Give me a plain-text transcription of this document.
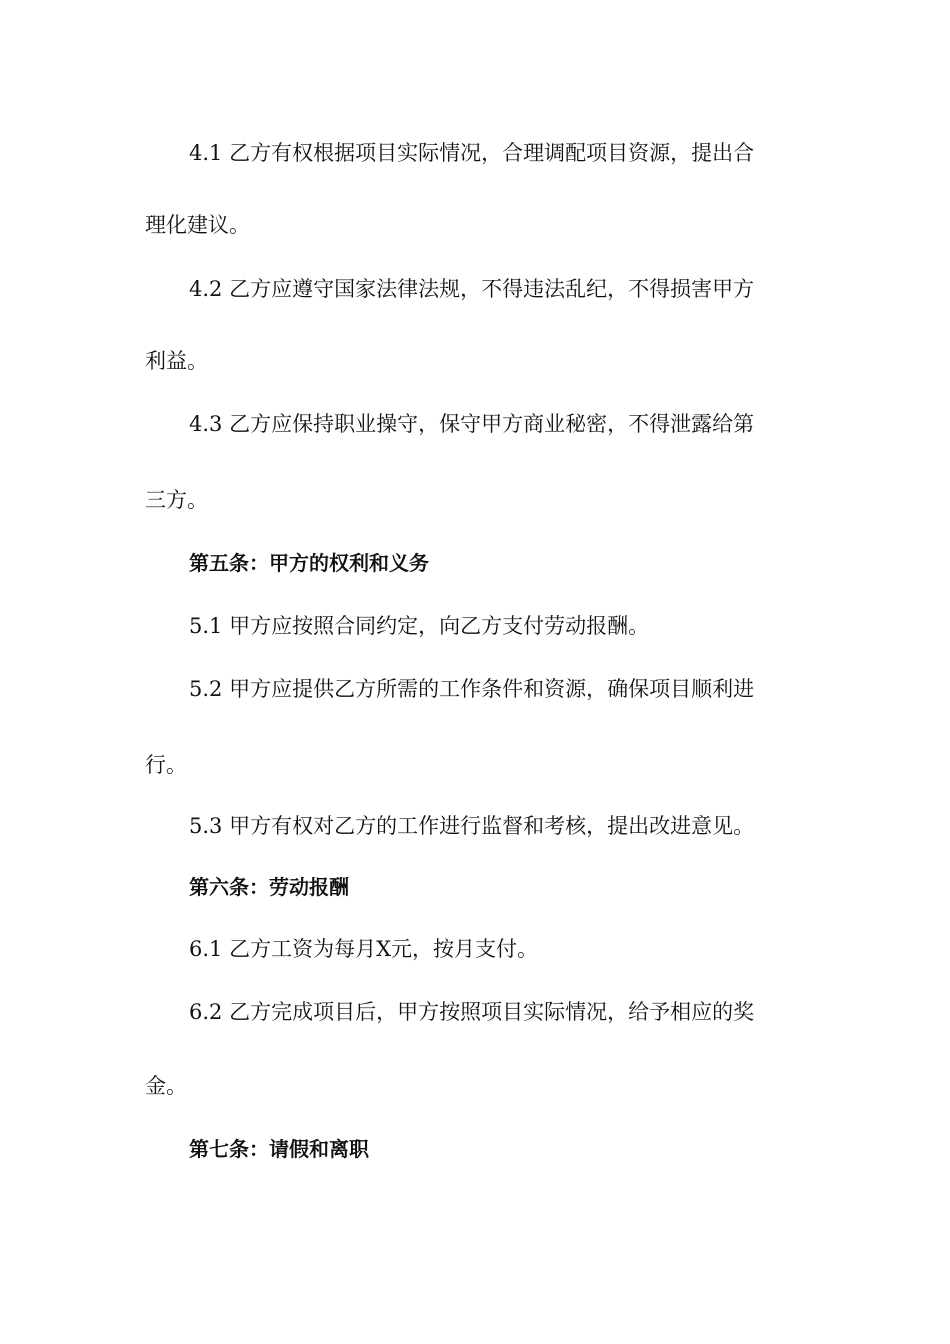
4.1 乙方有权根据项目实际情况，合理调配项目资源，提出合
理化建议。
4.2 乙方应遵守国家法律法规，不得违法乱纪，不得损害甲方
利益。
4.3 乙方应保持职业操守，保守甲方商业秘密，不得泄露给第
三方。
第五条：甲方的权利和义务
5.1 甲方应按照合同约定，向乙方支付劳动报酬。
5.2 甲方应提供乙方所需的工作条件和资源，确保项目顺利进
行。
5.3 甲方有权对乙方的工作进行监督和考核，提出改进意见。
第六条：劳动报酬
6.1 乙方工资为每月X元，按月支付。
6.2 乙方完成项目后，甲方按照项目实际情况，给予相应的奖
金。
第七条：请假和离职
